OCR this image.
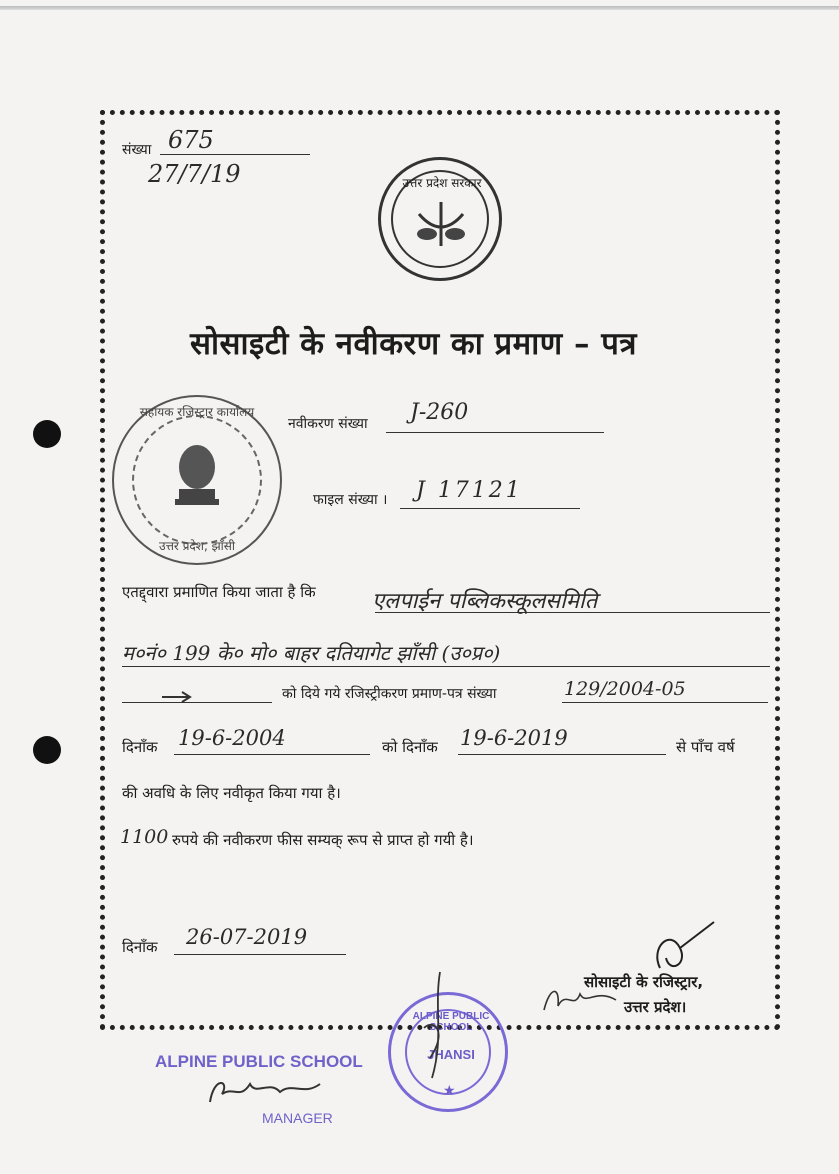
संख्या 675
27/7/19	उत्तर प्रदेश सरकार
सोसाइटी के नवीकरण का प्रमाण – पत्र
सहायक रजिस्ट्रार कार्यालय
उत्तर प्रदेश, झाँसी
नवीकरण संख्या J-260
फाइल संख्या । J 17121
एतद्द्वारा प्रमाणित किया जाता है कि	एलपाईन पब्लिकस्कूलसमिति
म०नं० 199 के० मो० बाहर दतियागेट झाँसी (उ०प्र०)
को दिये गये रजिस्ट्रीकरण प्रमाण-पत्र संख्या	129/2004-05
दिनाँक 19-6-2004	को दिनाँक 19-6-2019	से पाँच वर्ष
की अवधि के लिए नवीकृत किया गया है।
1100 रुपये की नवीकरण फीस सम्यक् रूप से प्राप्त हो गयी है।
दिनाँक 26-07-2019
सोसाइटी के रजिस्ट्रार,
उत्तर प्रदेश।
ALPINE PUBLIC SCHOOL
MANAGER
ALPINE PUBLIC SCHOOL
JHANSI
★
